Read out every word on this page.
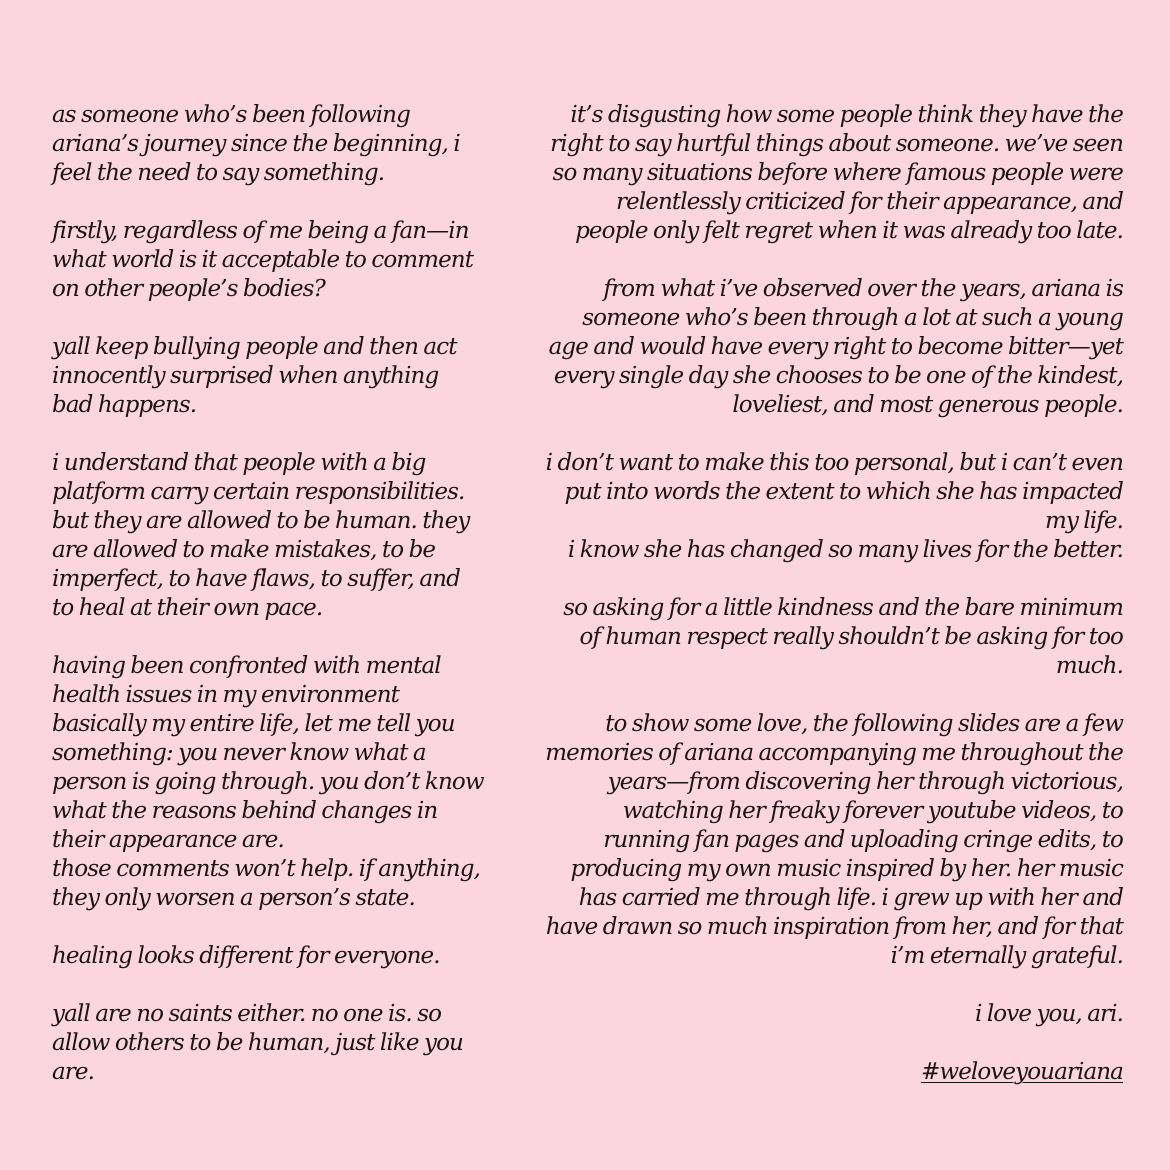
as someone who’s been following ariana’s journey since the beginning, i feel the need to say something.

firstly, regardless of me being a fan—in what world is it acceptable to comment on other people’s bodies?

yall keep bullying people and then act innocently surprised when anything bad happens.

i understand that people with a big platform carry certain responsibilities. but they are allowed to be human. they are allowed to make mistakes, to be imperfect, to have flaws, to suffer, and to heal at their own pace.

having been confronted with mental health issues in my environment basically my entire life, let me tell you something: you never know what a person is going through. you don’t know what the reasons behind changes in their appearance are.
those comments won’t help. if anything, they only worsen a person’s state.

healing looks different for everyone.

yall are no saints either. no one is. so allow others to be human, just like you are.

it’s disgusting how some people think they have the right to say hurtful things about someone. we’ve seen so many situations before where famous people were relentlessly criticized for their appearance, and people only felt regret when it was already too late.

from what i’ve observed over the years, ariana is someone who’s been through a lot at such a young age and would have every right to become bitter—yet every single day she chooses to be one of the kindest, loveliest, and most generous people.

i don’t want to make this too personal, but i can’t even put into words the extent to which she has impacted my life.
i know she has changed so many lives for the better.

so asking for a little kindness and the bare minimum of human respect really shouldn’t be asking for too much.

to show some love, the following slides are a few memories of ariana accompanying me throughout the years—from discovering her through victorious, watching her freaky forever youtube videos, to running fan pages and uploading cringe edits, to producing my own music inspired by her. her music has carried me through life. i grew up with her and have drawn so much inspiration from her, and for that i’m eternally grateful.

i love you, ari.

#weloveyouariana
